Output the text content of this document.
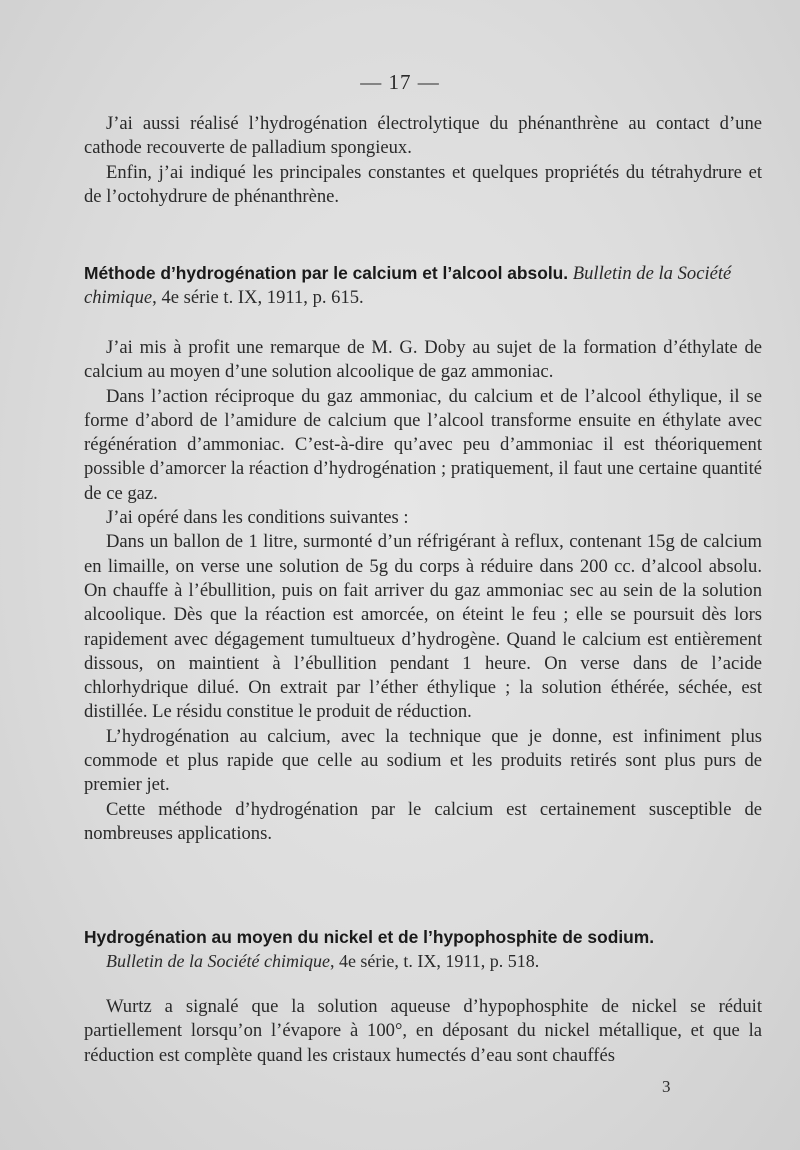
— 17 —

J’ai aussi réalisé l’hydrogénation électrolytique du phénanthrène au contact d’une cathode recouverte de palladium spongieux.

Enfin, j’ai indiqué les principales constantes et quelques propriétés du tétrahydrure et de l’octohydrure de phénanthrène.

Méthode d’hydrogénation par le calcium et l’alcool absolu. Bulletin de la Société chimique, 4e série t. IX, 1911, p. 615.

J’ai mis à profit une remarque de M. G. Doby au sujet de la formation d’éthylate de calcium au moyen d’une solution alcoolique de gaz ammoniac.

Dans l’action réciproque du gaz ammoniac, du calcium et de l’alcool éthylique, il se forme d’abord de l’amidure de calcium que l’alcool transforme ensuite en éthylate avec régénération d’ammoniac. C’est-à-dire qu’avec peu d’ammoniac il est théoriquement possible d’amorcer la réaction d’hydrogénation ; pratiquement, il faut une certaine quantité de ce gaz.

J’ai opéré dans les conditions suivantes :

Dans un ballon de 1 litre, surmonté d’un réfrigérant à reflux, contenant 15g de calcium en limaille, on verse une solution de 5g du corps à réduire dans 200 cc. d’alcool absolu. On chauffe à l’ébullition, puis on fait arriver du gaz ammoniac sec au sein de la solution alcoolique. Dès que la réaction est amorcée, on éteint le feu ; elle se poursuit dès lors rapidement avec dégagement tumultueux d’hydrogène. Quand le calcium est entièrement dissous, on maintient à l’ébullition pendant 1 heure. On verse dans de l’acide chlorhydrique dilué. On extrait par l’éther éthylique ; la solution éthérée, séchée, est distillée. Le résidu constitue le produit de réduction.

L’hydrogénation au calcium, avec la technique que je donne, est infiniment plus commode et plus rapide que celle au sodium et les produits retirés sont plus purs de premier jet.

Cette méthode d’hydrogénation par le calcium est certainement susceptible de nombreuses applications.

Hydrogénation au moyen du nickel et de l’hypophosphite de sodium.

Bulletin de la Société chimique, 4e série, t. IX, 1911, p. 518.

Wurtz a signalé que la solution aqueuse d’hypophosphite de nickel se réduit partiellement lorsqu’on l’évapore à 100°, en déposant du nickel métallique, et que la réduction est complète quand les cristaux humectés d’eau sont chauffés

3
